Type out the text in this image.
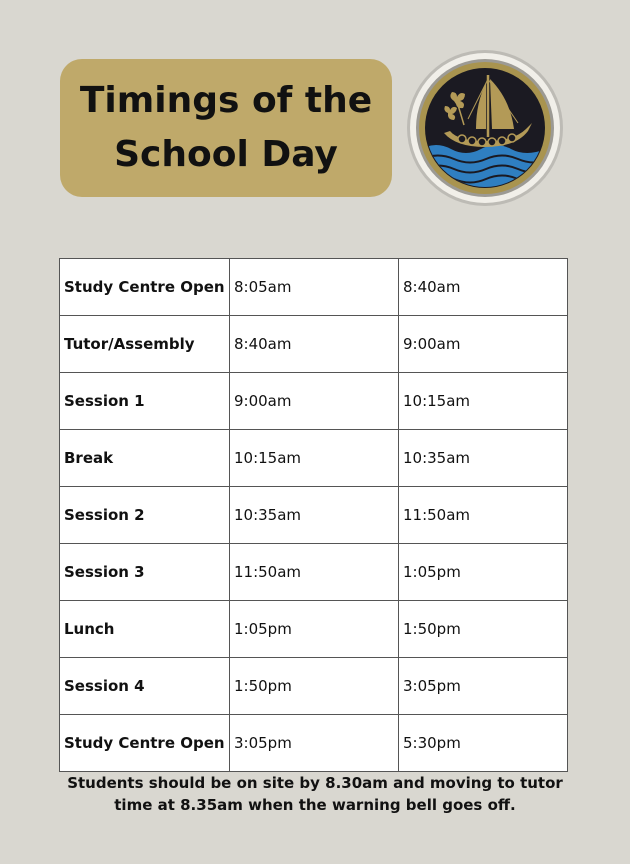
Timings of the
School Day
Study Centre Open	8:05am	8:40am
Tutor/Assembly	8:40am	9:00am
Session 1	9:00am	10:15am
Break	10:15am	10:35am
Session 2	10:35am	11:50am
Session 3	11:50am	1:05pm
Lunch	1:05pm	1:50pm
Session 4	1:50pm	3:05pm
Study Centre Open	3:05pm	5:30pm
Students should be on site by 8.30am and moving to tutor
time at 8.35am when the warning bell goes off.
